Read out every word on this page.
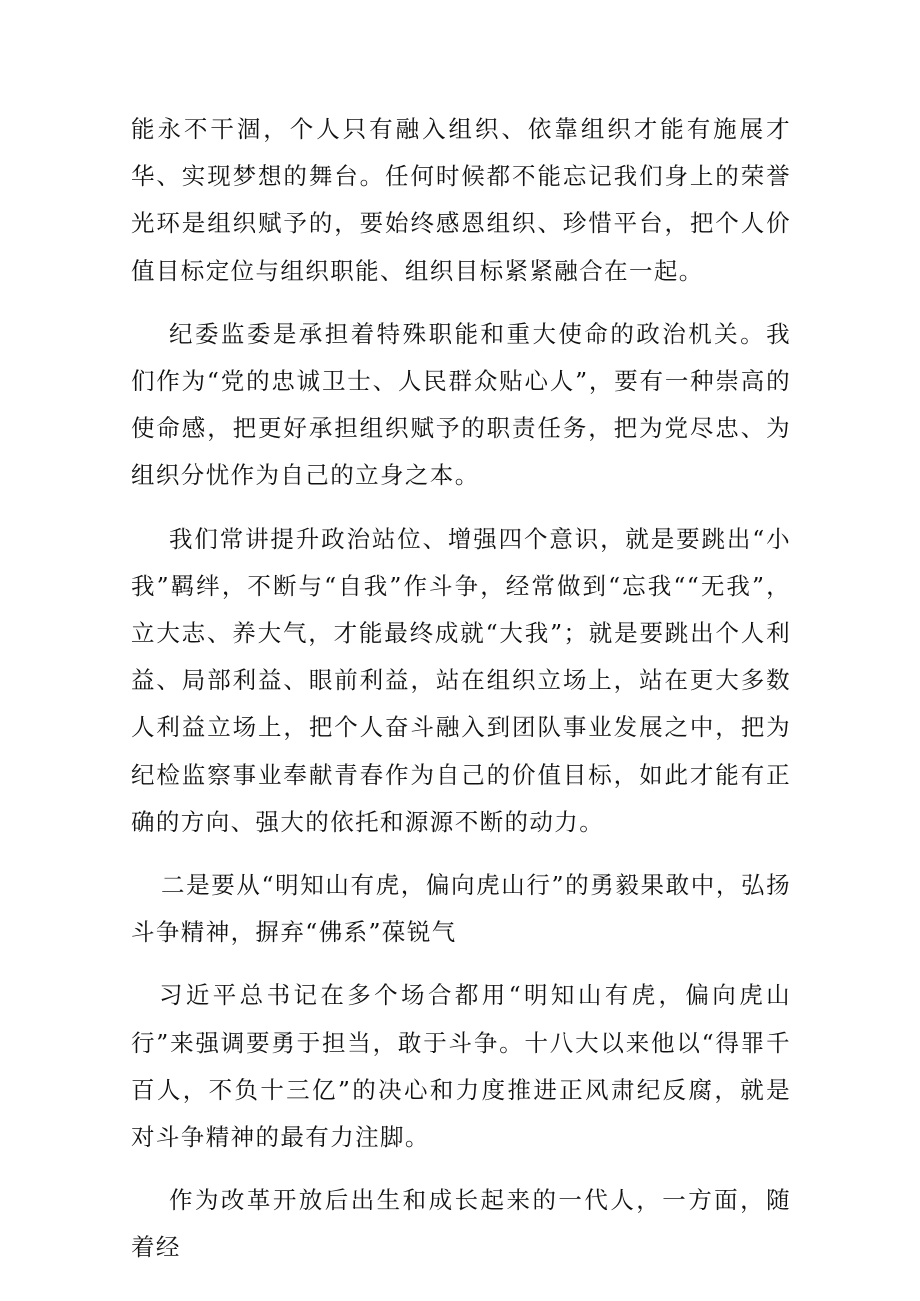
能永不干涸，个人只有融入组织、依靠组织才能有施展才华、实现梦想的舞台。任何时候都不能忘记我们身上的荣誉光环是组织赋予的，要始终感恩组织、珍惜平台，把个人价值目标定位与组织职能、组织目标紧紧融合在一起。

纪委监委是承担着特殊职能和重大使命的政治机关。我们作为“党的忠诚卫士、人民群众贴心人”，要有一种崇高的使命感，把更好承担组织赋予的职责任务，把为党尽忠、为组织分忧作为自己的立身之本。

我们常讲提升政治站位、增强四个意识，就是要跳出“小我”羁绊，不断与“自我”作斗争，经常做到“忘我““无我”，立大志、养大气，才能最终成就“大我”；就是要跳出个人利益、局部利益、眼前利益，站在组织立场上，站在更大多数人利益立场上，把个人奋斗融入到团队事业发展之中，把为纪检监察事业奉献青春作为自己的价值目标，如此才能有正确的方向、强大的依托和源源不断的动力。

二是要从“明知山有虎，偏向虎山行”的勇毅果敢中，弘扬斗争精神，摒弃“佛系”葆锐气

习近平总书记在多个场合都用“明知山有虎，偏向虎山行”来强调要勇于担当，敢于斗争。十八大以来他以“得罪千百人，不负十三亿”的决心和力度推进正风肃纪反腐，就是对斗争精神的最有力注脚。

作为改革开放后出生和成长起来的一代人，一方面，随着经
